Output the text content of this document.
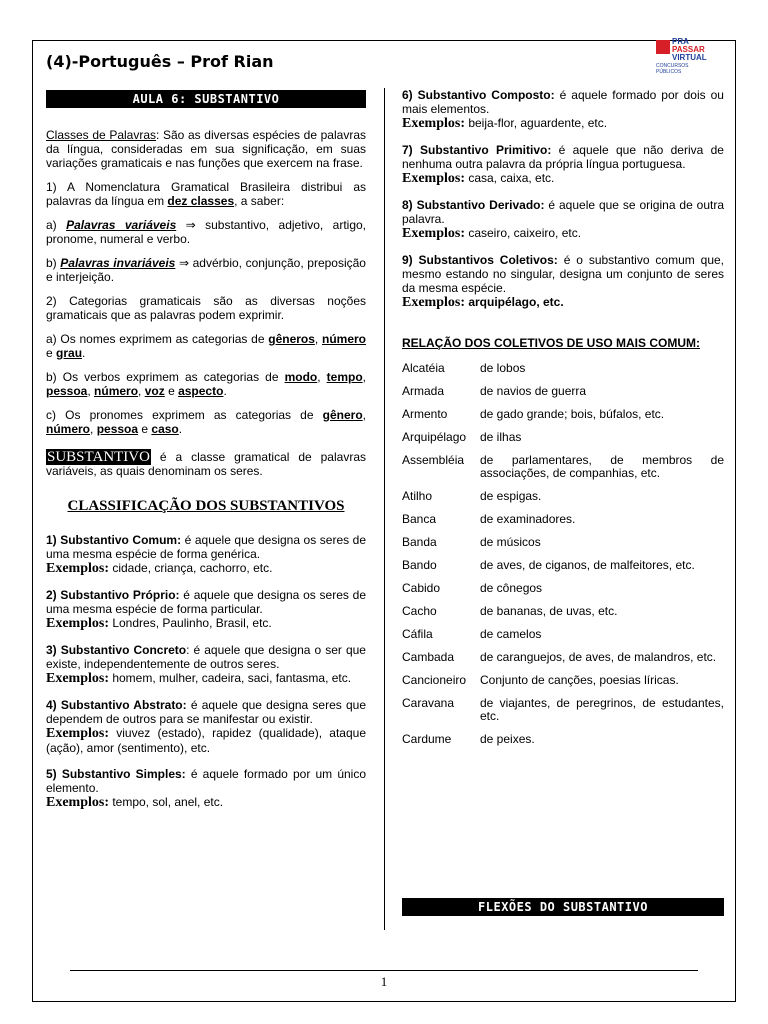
(4)-Português – Prof Rian
PRA
PASSAR
VIRTUAL
CONCURSOS PÚBLICOS
AULA 6: SUBSTANTIVO

Classes de Palavras: São as diversas espécies de palavras da língua, consideradas em sua significação, em suas variações gramaticais e nas funções que exercem na frase.

1) A Nomenclatura Gramatical Brasileira distribui as palavras da língua em dez classes, a saber:

a) Palavras variáveis ⇒ substantivo, adjetivo, artigo, pronome, numeral e verbo.

b) Palavras invariáveis ⇒ advérbio, conjunção, preposição e interjeição.

2) Categorias gramaticais são as diversas noções gramaticais que as palavras podem exprimir.

a) Os nomes exprimem as categorias de gêneros, número e grau.

b) Os verbos exprimem as categorias de modo, tempo, pessoa, número, voz e aspecto.

c) Os pronomes exprimem as categorias de gênero, número, pessoa e caso.

SUBSTANTIVO é a classe gramatical de palavras variáveis, as quais denominam os seres.

CLASSIFICAÇÃO DOS SUBSTANTIVOS

1) Substantivo Comum: é aquele que designa os seres de uma mesma espécie de forma genérica.

Exemplos: cidade, criança, cachorro, etc.

2) Substantivo Próprio: é aquele que designa os seres de uma mesma espécie de forma particular.

Exemplos: Londres, Paulinho, Brasil, etc.

3) Substantivo Concreto: é aquele que designa o ser que existe, independentemente de outros seres.

Exemplos: homem, mulher, cadeira, saci, fantasma, etc.

4) Substantivo Abstrato: é aquele que designa seres que dependem de outros para se manifestar ou existir.

Exemplos: viuvez (estado), rapidez (qualidade), ataque (ação), amor (sentimento), etc.

5) Substantivo Simples: é aquele formado por um único elemento.

Exemplos: tempo, sol, anel, etc.

6) Substantivo Composto: é aquele formado por dois ou mais elementos.

Exemplos: beija-flor, aguardente, etc.

7) Substantivo Primitivo: é aquele que não deriva de nenhuma outra palavra da própria língua portuguesa.

Exemplos: casa, caixa, etc.

8) Substantivo Derivado: é aquele que se origina de outra palavra.

Exemplos: caseiro, caixeiro, etc.

9) Substantivos Coletivos: é o substantivo comum que, mesmo estando no singular, designa um conjunto de seres da mesma espécie.

Exemplos: arquipélago, etc.

RELAÇÃO DOS COLETIVOS DE USO MAIS COMUM:

Alcatéia	de lobos
Armada	de navios de guerra
Armento	de gado grande; bois, búfalos, etc.
Arquipélago	de ilhas
Assembléia	de parlamentares, de membros de associações, de companhias, etc.
Atilho	de espigas.
Banca	de examinadores.
Banda	de músicos
Bando	de aves, de ciganos, de malfeitores, etc.
Cabido	de cônegos
Cacho	de bananas, de uvas, etc.
Cáfila	de camelos
Cambada	de caranguejos, de aves, de malandros, etc.
Cancioneiro	Conjunto de canções, poesias líricas.
Caravana	de viajantes, de peregrinos, de estudantes, etc.
Cardume	de peixes.
FLEXÕES DO SUBSTANTIVO
1
